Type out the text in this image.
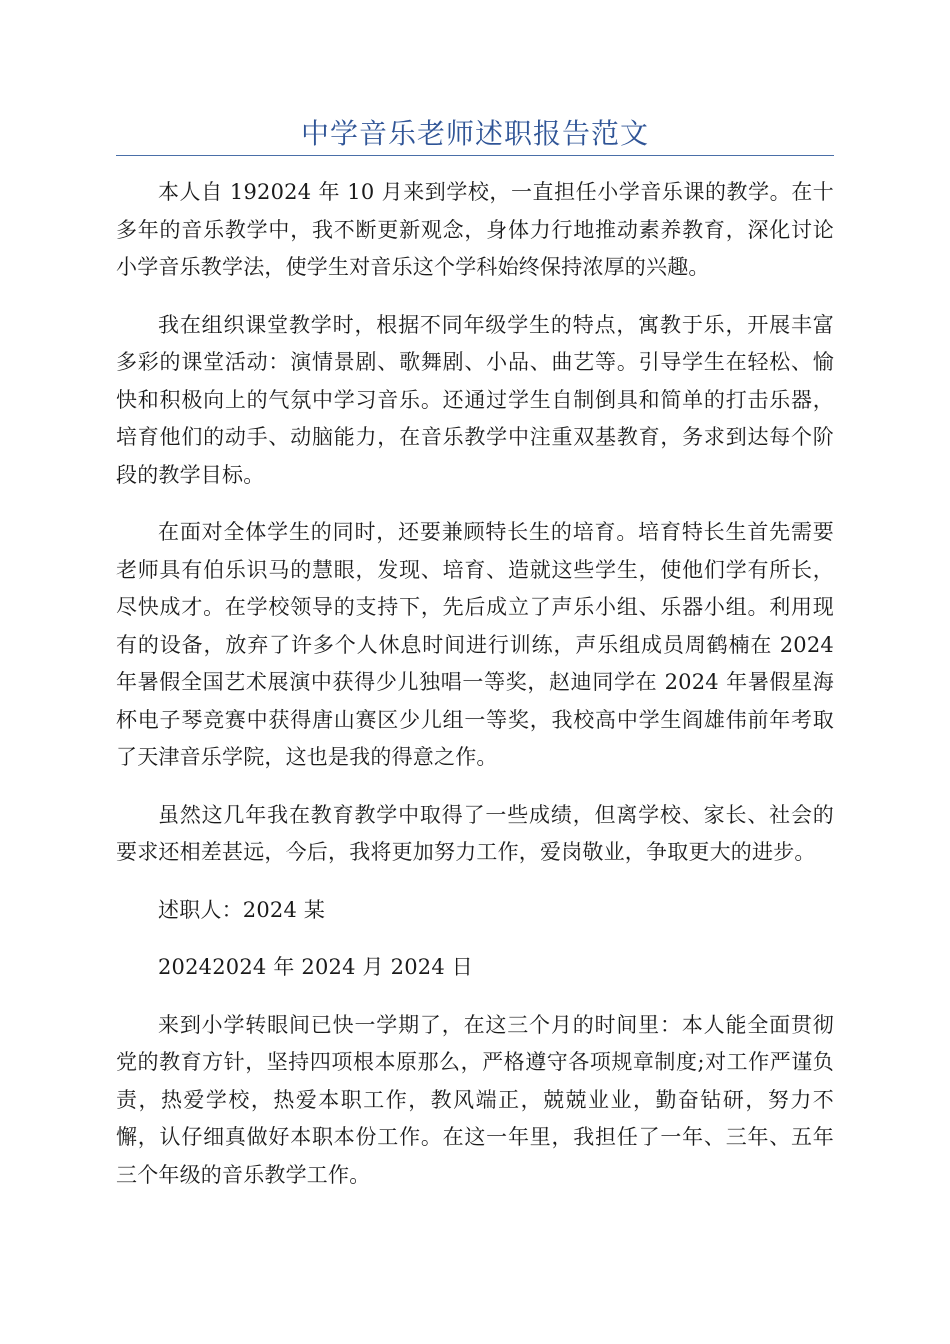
中学音乐老师述职报告范文

本人自 192024 年 10 月来到学校，一直担任小学音乐课的教学。在十多年的音乐教学中，我不断更新观念，身体力行地推动素养教育，深化讨论小学音乐教学法，使学生对音乐这个学科始终保持浓厚的兴趣。

我在组织课堂教学时，根据不同年级学生的特点，寓教于乐，开展丰富多彩的课堂活动：演情景剧、歌舞剧、小品、曲艺等。引导学生在轻松、愉快和积极向上的气氛中学习音乐。还通过学生自制倒具和简单的打击乐器，培育他们的动手、动脑能力，在音乐教学中注重双基教育，务求到达每个阶段的教学目标。

在面对全体学生的同时，还要兼顾特长生的培育。培育特长生首先需要老师具有伯乐识马的慧眼，发现、培育、造就这些学生，使他们学有所长，尽快成才。在学校领导的支持下，先后成立了声乐小组、乐器小组。利用现有的设备，放弃了许多个人休息时间进行训练，声乐组成员周鹤楠在 2024 年暑假全国艺术展演中获得少儿独唱一等奖，赵迪同学在 2024 年暑假星海杯电子琴竞赛中获得唐山赛区少儿组一等奖，我校高中学生阎雄伟前年考取了天津音乐学院，这也是我的得意之作。

虽然这几年我在教育教学中取得了一些成绩，但离学校、家长、社会的要求还相差甚远，今后，我将更加努力工作，爱岗敬业，争取更大的进步。

述职人：2024 某

20242024 年 2024 月 2024 日

来到小学转眼间已快一学期了，在这三个月的时间里：本人能全面贯彻党的教育方针，坚持四项根本原那么，严格遵守各项规章制度;对工作严谨负责，热爱学校，热爱本职工作，教风端正，兢兢业业，勤奋钻研，努力不懈，认仔细真做好本职本份工作。在这一年里，我担任了一年、三年、五年三个年级的音乐教学工作。
